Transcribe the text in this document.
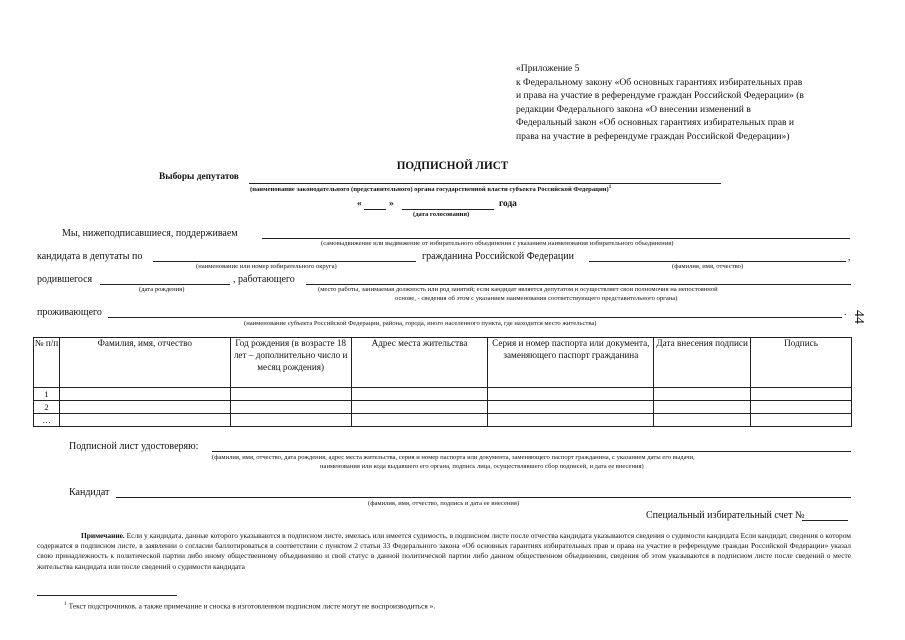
«Приложение 5
к Федеральному закону «Об основных гарантиях избирательных прав
и права на участие в референдуме граждан Российской Федерации» (в
редакции Федерального закона «О внесении изменений в
Федеральный закон «Об основных гарантиях избирательных прав и
права на участие в референдуме граждан Российской Федерации»)
ПОДПИСНОЙ ЛИСТ
Выборы депутатов
(наименование законодательного (представительного) органа государственной власти субъекта Российской Федерации)$^1$
«	»	года
(дата голосования)
Мы, нижеподписавшиеся, поддерживаем
(самовыдвижение или выдвижение от избирательного объединения с указанием наименования избирательного объединения)
кандидата в депутаты по	гражданина Российской Федерации	,
(наименование или номер избирательного округа)	(фамилия, имя, отчество)
родившегося	, работающего
(дата рождения)	(место работы, занимаемая должность или род занятий; если кандидат является депутатом и осуществляет свои полномочия на непостоянной
основе, - сведения об этом с указанием наименования соответствующего представительного органа)
проживающего	.
(наименование субъекта Российской Федерации, района, города, иного населенного пункта, где находится место жительства)
№ п/п	Фамилия, имя, отчество	Год рождения (в возрасте 18 лет – дополнительно число и месяц рождения)	Адрес места жительства	Серия и номер паспорта или документа, заменяющего паспорт гражданина	Дата внесения подписи	Подпись
1						
2						
…						
Подписной лист удостоверяю:
(фамилия, имя, отчество, дата рождения, адрес места жительства, серия и номер паспорта или документа, заменяющего паспорт гражданина, с указанием даты его выдачи,
наименования или кода выдавшего его органа, подпись лица, осуществлявшего сбор подписей, и дата ее внесения)
Кандидат
(фамилия, имя, отчество, подпись и дата ее внесения)
Специальный избирательный счет №
Примечание. Если у кандидата, данные которого указываются в подписном листе, имелась или имеется судимость, в подписном листе после отчества кандидата указываются сведения о судимости кандидата Если кандидат, сведения о котором содержатся в подписном листе, в заявлении о согласии баллотироваться в соответствии с пунктом 2 статьи 33 Федерального закона «Об основных гарантиях избирательных прав и права на участие в референдуме граждан Российской Федерации» указал свою принадлежность к политической партии либо иному общественному объединению и свой статус в данной политической партии либо данном общественном объединении, сведения об этом указываются в подписном листе после сведений о месте жительства кандидата или после сведений о судимости кандидата
$^1$ Текст подстрочников, а также примечание и сноска в изготовленном подписном листе могут не воспроизводиться ».
44
